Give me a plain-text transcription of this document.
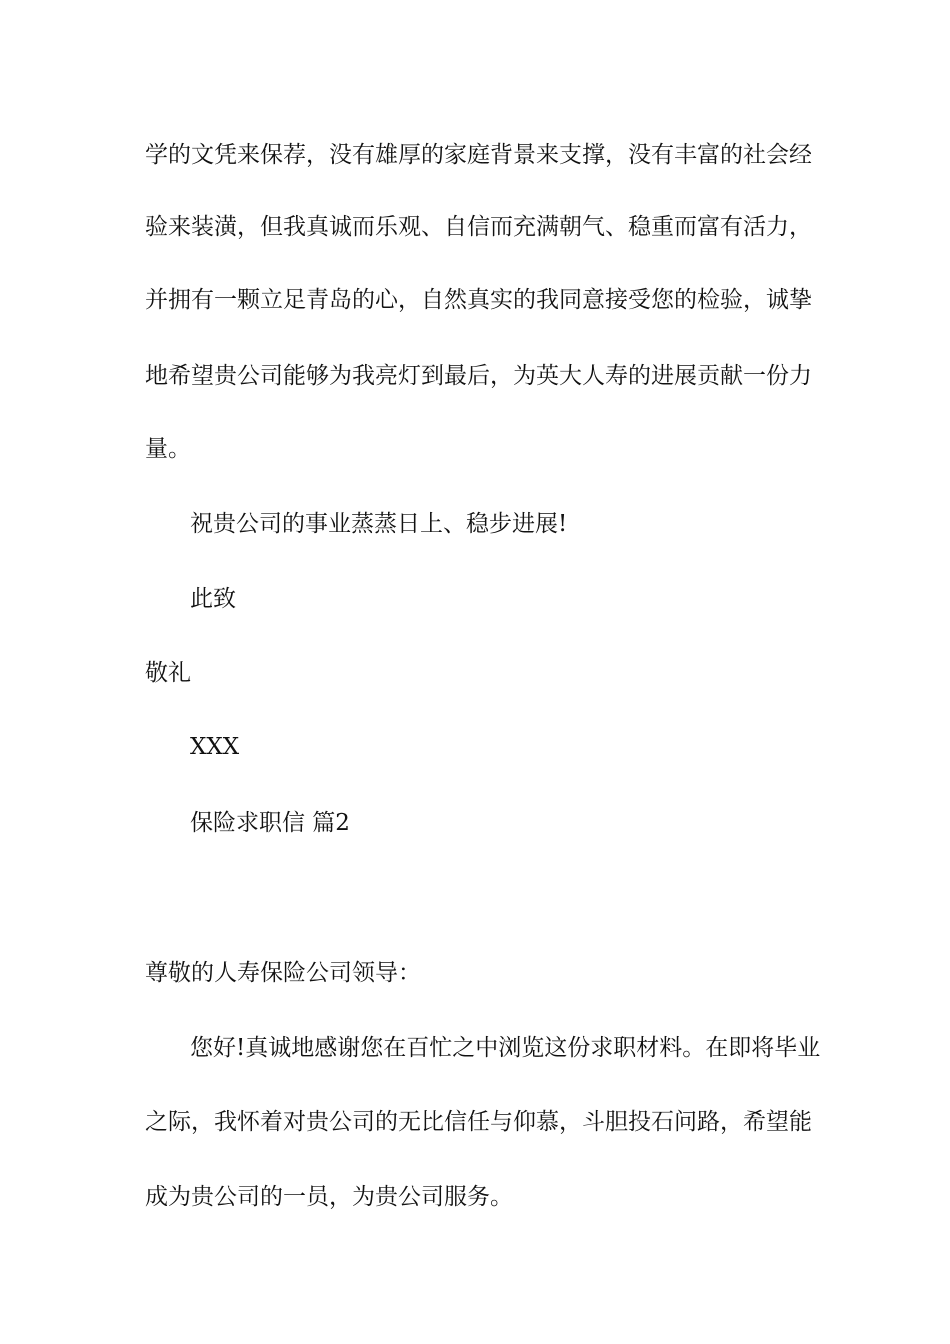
学的文凭来保荐，没有雄厚的家庭背景来支撑，没有丰富的社会经
验来装潢，但我真诚而乐观、自信而充满朝气、稳重而富有活力，
并拥有一颗立足青岛的心，自然真实的我同意接受您的检验，诚挚
地希望贵公司能够为我亮灯到最后，为英大人寿的进展贡献一份力
量。
祝贵公司的事业蒸蒸日上、稳步进展!
此致
敬礼
XXX
保险求职信 篇2
尊敬的人寿保险公司领导：
您好!真诚地感谢您在百忙之中浏览这份求职材料。在即将毕业
之际，我怀着对贵公司的无比信任与仰慕，斗胆投石问路，希望能
成为贵公司的一员，为贵公司服务。
